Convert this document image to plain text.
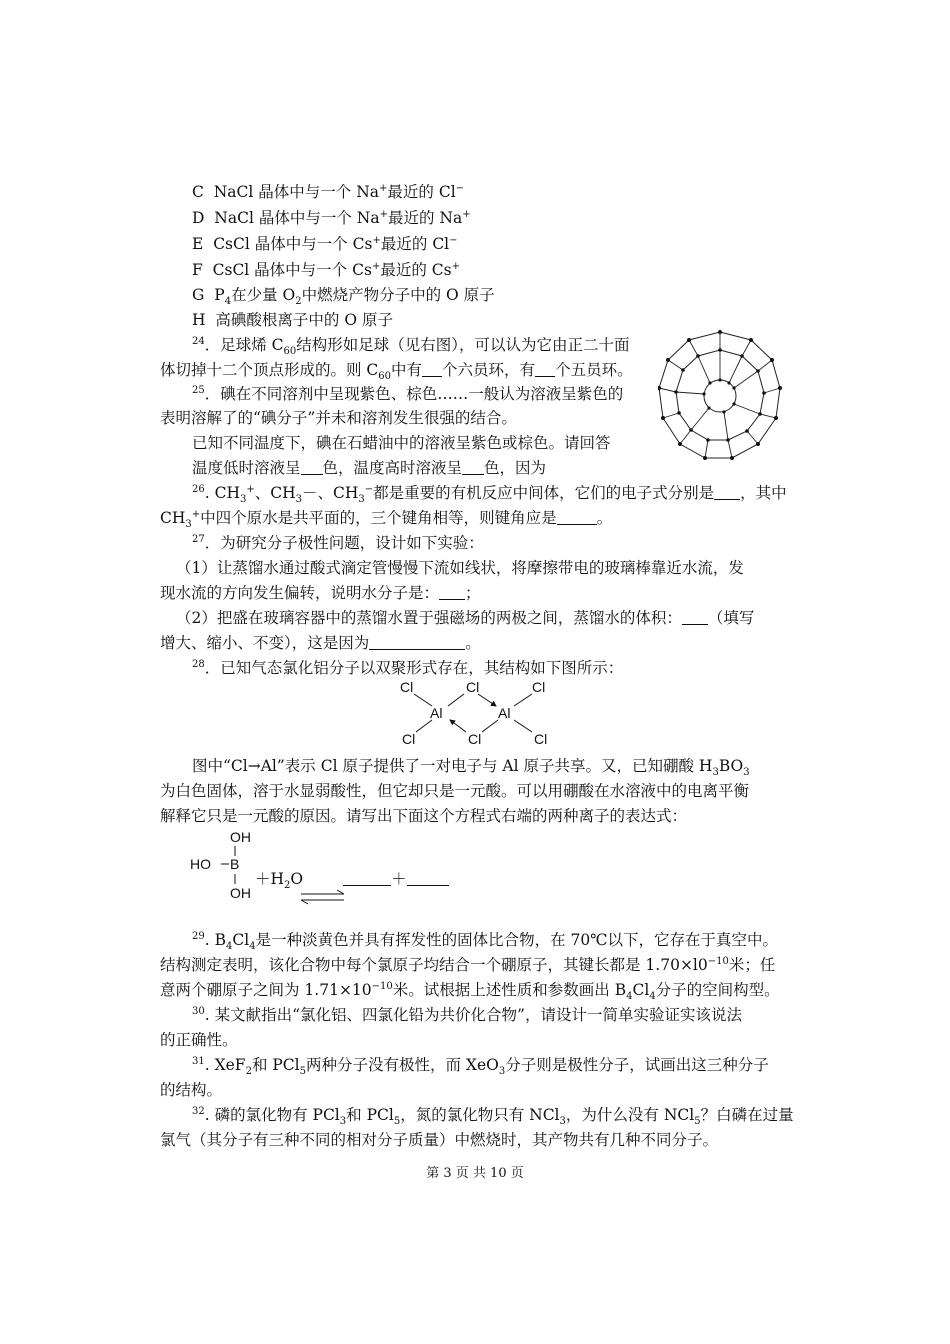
C NaCl 晶体中与一个 Na+最近的 Cl−
D NaCl 晶体中与一个 Na+最近的 Na+
E CsCl 晶体中与一个 Cs+最近的 Cl−
F CsCl 晶体中与一个 Cs+最近的 Cs+
G $P_4$在少量 $O_2$中燃烧产物分子中的 O 原子
H 高碘酸根离子中的 O 原子
$^{24}$．足球烯 $C_{60}$结构形如足球（见右图），可以认为它由正二十面
体切掉十二个顶点形成的。则 $C_{60}$中有 个六员环，有 个五员环。
$^{25}$．碘在不同溶剂中呈现紫色、棕色……一般认为溶液呈紫色的
表明溶解了的“碘分子”并未和溶剂发生很强的结合。
已知不同温度下，碘在石蜡油中的溶液呈紫色或棕色。请回答
温度低时溶液呈 色，温度高时溶液呈 色，因为
$^{26}$. $CH_3^+$、$CH_3-$、$CH_3^-$都是重要的有机反应中间体，它们的电子式分别是 ，其中
$CH_3^+$中四个原水是共平面的，三个键角相等，则键角应是	。
$^{27}$．为研究分子极性问题，设计如下实验：
（1）让蒸馏水通过酸式滴定管慢慢下流如线状，将摩擦带电的玻璃棒靠近水流，发
现水流的方向发生偏转，说明水分子是： ；
（2）把盛在玻璃容器中的蒸馏水置于强磁场的两极之间，蒸馏水的体积： （填写
增大、缩小、不变），这是因为	。
$^{28}$．已知气态氯化铝分子以双聚形式存在，其结构如下图所示：
Cl	Cl	Cl
Al	Al
Cl	Cl	Cl
图中“Cl→Al”表示 Cl 原子提供了一对电子与 Al 原子共享。又，已知硼酸 $H_3BO_3$
为白色固体，溶于水显弱酸性，但它却只是一元酸。可以用硼酸在水溶液中的电离平衡
解释它只是一元酸的原因。请写出下面这个方程式右端的两种离子的表达式：
OH
HO B
OH
$+H_2O$	＋
$^{29}$. $B_4Cl_4$是一种淡黄色并具有挥发性的固体比合物，在 70℃以下，它存在于真空中。
结构测定表明，该化合物中每个氯原子均结合一个硼原子，其键长都是 $1.70\times l0^{-10}$米；任
意两个硼原子之间为 $1.71\times 10^{-10}$米。试根据上述性质和参数画出 $B_4Cl_4$分子的空间构型。
$^{30}$. 某文献指出“氯化铝、四氯化铅为共价化合物”，请设计一简单实验证实该说法
的正确性。
$^{31}$. XeF$_2$和 PCl$_5$两种分子没有极性，而 XeO$_3$分子则是极性分子，试画出这三种分子
的结构。
$^{32}$. 磷的氯化物有 PCl$_3$和 PCl$_5$，氮的氯化物只有 NCl$_3$，为什么没有 NCl$_5$？白磷在过量
氯气（其分子有三种不同的相对分子质量）中燃烧时，其产物共有几种不同分子。
第 3 页 共 10 页
